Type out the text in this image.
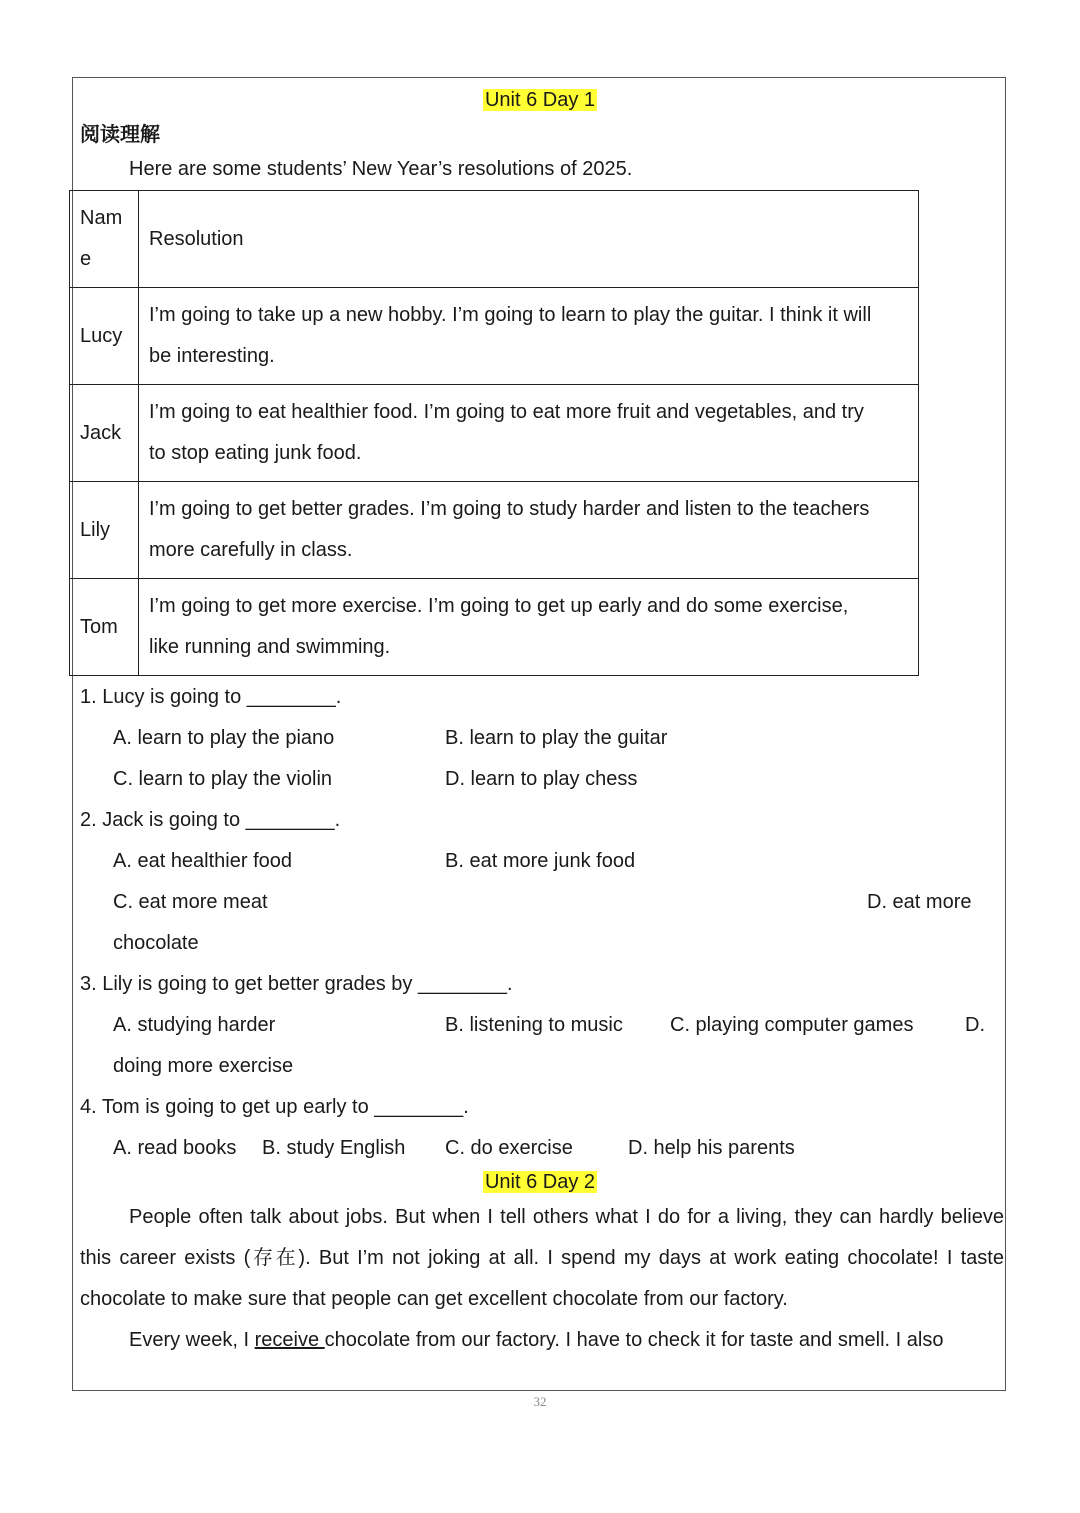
Unit 6 Day 1
阅读理解
Here are some students’ New Year’s resolutions of 2025.
Nam
e	Resolution
Lucy	I’m going to take up a new hobby. I’m going to learn to play the guitar. I think it will
be interesting.

Jack	I’m going to eat healthier food. I’m going to eat more fruit and vegetables, and try
to stop eating junk food.

Lily	I’m going to get better grades. I’m going to study harder and listen to the teachers
more carefully in class.

Tom	I’m going to get more exercise. I’m going to get up early and do some exercise,
like running and swimming.
1. Lucy is going to ________.
A. learn to play the piano	B. learn to play the guitar
C. learn to play the violin	D. learn to play chess
2. Jack is going to ________.
A. eat healthier food	B. eat more junk food
C. eat more meat	D. eat more
chocolate
3. Lily is going to get better grades by ________.
A. studying harder	B. listening to music C. playing computer games	D.
doing more exercise
4. Tom is going to get up early to ________.
A. read books B. study English C. do exercise	D. help his parents
Unit 6 Day 2

People often talk about jobs. But when I tell others what I do for a living, they can hardly believe this career exists (存在). But I’m not joking at all. I spend my days at work eating chocolate! I taste chocolate to make sure that people can get excellent chocolate from our factory.

Every week, I receive chocolate from our factory. I have to check it for taste and smell. I also

32
